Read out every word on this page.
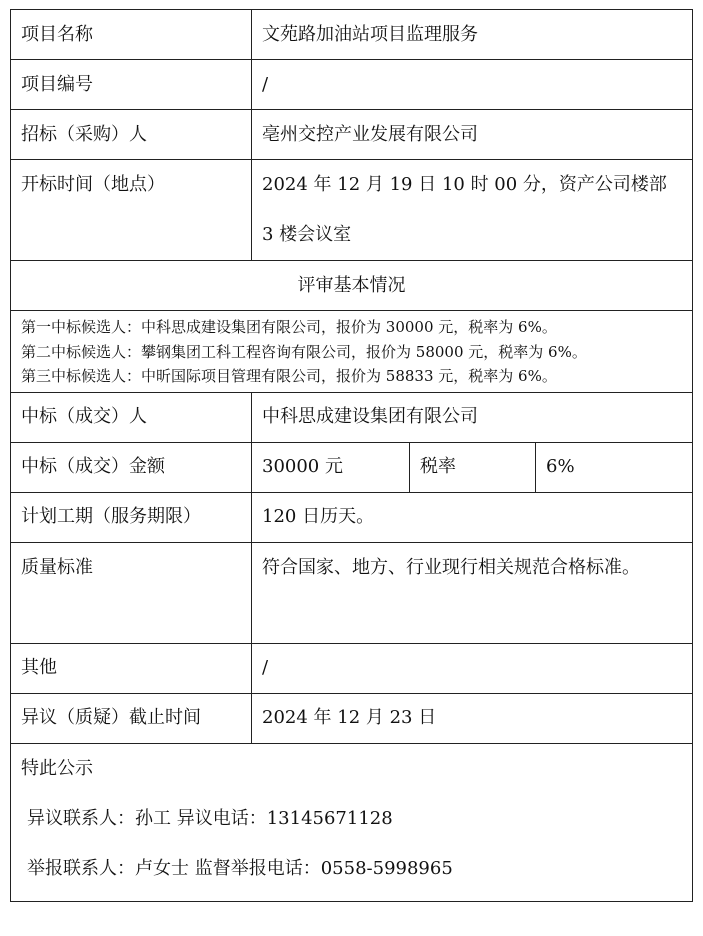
项目名称	文苑路加油站项目监理服务		
项目编号	/		
招标（采购）人	亳州交控产业发展有限公司		
开标时间（地点）	2024 年 12 月 19 日 10 时 00 分，资产公司楼部 3 楼会议室		
评审基本情况			

第一中标候选人：中科思成建设集团有限公司，报价为 30000 元，税率为 6%。
第二中标候选人：攀钢集团工科工程咨询有限公司，报价为 58000 元，税率为 6%。
第三中标候选人：中昕国际项目管理有限公司，报价为 58833 元，税率为 6%。			

中标（成交）人	中科思成建设集团有限公司		
中标（成交）金额	30000 元	税率	6%
计划工期（服务期限）	120 日历天。		
质量标准	符合国家、地方、行业现行相关规范合格标准。		
其他	/		
异议（质疑）截止时间	2024 年 12 月 23 日		

特此公示
异议联系人：孙工 异议电话：13145671128
举报联系人：卢女士 监督举报电话：0558-5998965			
